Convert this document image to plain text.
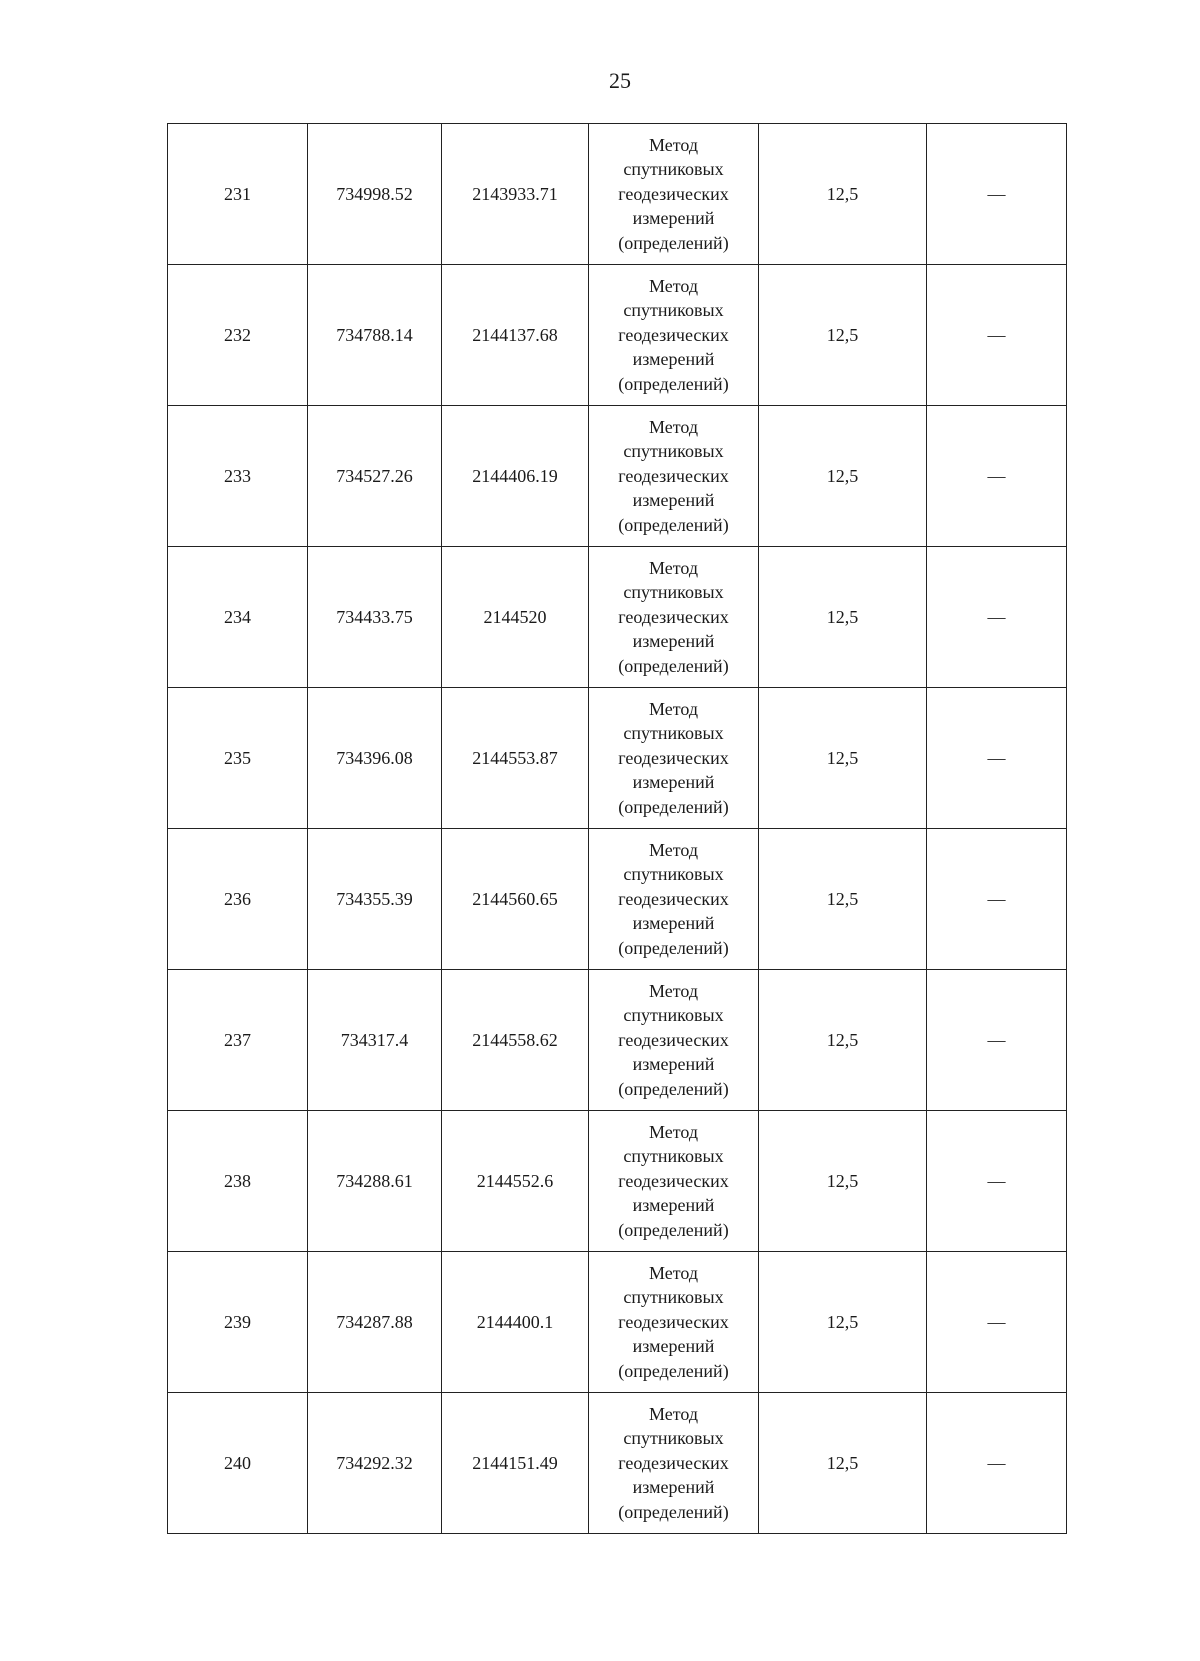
25
231	734998.52	2143933.71	Метод
спутниковых
геодезических
измерений
(определений)	12,5	—
232	734788.14	2144137.68	Метод
спутниковых
геодезических
измерений
(определений)	12,5	—
233	734527.26	2144406.19	Метод
спутниковых
геодезических
измерений
(определений)	12,5	—
234	734433.75	2144520	Метод
спутниковых
геодезических
измерений
(определений)	12,5	—
235	734396.08	2144553.87	Метод
спутниковых
геодезических
измерений
(определений)	12,5	—
236	734355.39	2144560.65	Метод
спутниковых
геодезических
измерений
(определений)	12,5	—
237	734317.4	2144558.62	Метод
спутниковых
геодезических
измерений
(определений)	12,5	—
238	734288.61	2144552.6	Метод
спутниковых
геодезических
измерений
(определений)	12,5	—
239	734287.88	2144400.1	Метод
спутниковых
геодезических
измерений
(определений)	12,5	—
240	734292.32	2144151.49	Метод
спутниковых
геодезических
измерений
(определений)	12,5	—
